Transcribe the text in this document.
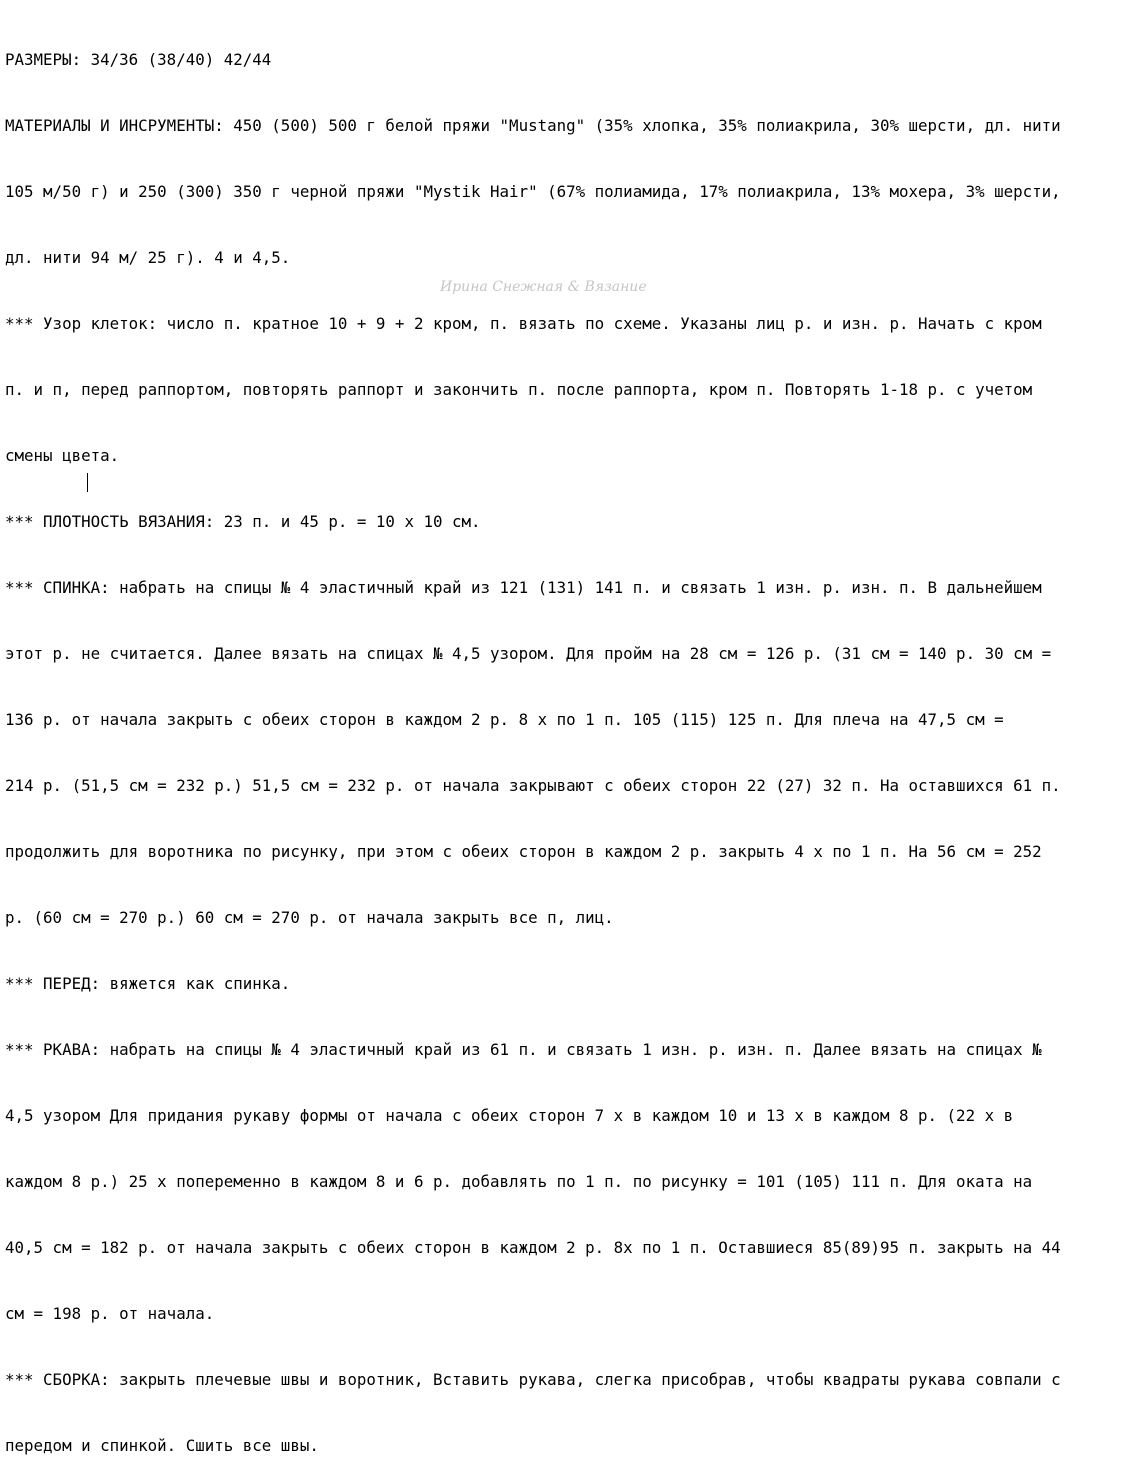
РАЗМЕРЫ: 34/36 (38/40) 42/44

МАТЕРИАЛЫ И ИНСРУМЕНТЫ: 450 (500) 500 г белой пряжи "Mustang" (35% хлопка, 35% полиакрила, 30% шерсти, дл. нити

105 м/50 г) и 250 (300) 350 г черной пряжи "Mystik Hair" (67% полиамида, 17% полиакрила, 13% мохера, 3% шерсти,

дл. нити 94 м/ 25 г). 4 и 4,5.

*** Узор клеток: число п. кратное 10 + 9 + 2 кром, п. вязать по схеме. Указаны лиц р. и изн. р. Начать с кром

п. и п, перед раппортом, повторять раппорт и закончить п. после раппорта, кром п. Повторять 1-18 р. с учетом

смены цвета.

*** ПЛОТНОСТЬ ВЯЗАНИЯ: 23 п. и 45 р. = 10 х 10 см.

*** СПИНКА: набрать на спицы № 4 эластичный край из 121 (131) 141 п. и связать 1 изн. р. изн. п. В дальнейшем

этот р. не считается. Далее вязать на спицах № 4,5 узором. Для пройм на 28 см = 126 р. (31 см = 140 р. 30 см =

136 р. от начала закрыть с обеих сторон в каждом 2 р. 8 х по 1 п. 105 (115) 125 п. Для плеча на 47,5 см =

214 р. (51,5 см = 232 р.) 51,5 см = 232 р. от начала закрывают с обеих сторон 22 (27) 32 п. На оставшихся 61 п.

продолжить для воротника по рисунку, при этом с обеих сторон в каждом 2 р. закрыть 4 х по 1 п. На 56 см = 252

р. (60 см = 270 р.) 60 см = 270 р. от начала закрыть все п, лиц.

*** ПЕРЕД: вяжется как спинка.

*** РКАВА: набрать на спицы № 4 эластичный край из 61 п. и связать 1 изн. р. изн. п. Далее вязать на спицах №

4,5 узором Для придания рукаву формы от начала с обеих сторон 7 х в каждом 10 и 13 х в каждом 8 р. (22 х в

каждом 8 р.) 25 х попеременно в каждом 8 и 6 р. добавлять по 1 п. по рисунку = 101 (105) 111 п. Для оката на

40,5 см = 182 р. от начала закрыть с обеих сторон в каждом 2 р. 8х по 1 п. Оставшиеся 85(89)95 п. закрыть на 44

см = 198 р. от начала.

*** СБОРКА: закрыть плечевые швы и воротник, Вставить рукава, слегка присобрав, чтобы квадраты рукава совпали с

передом и спинкой. Сшить все швы.

Ирина Снежная & Вязание
